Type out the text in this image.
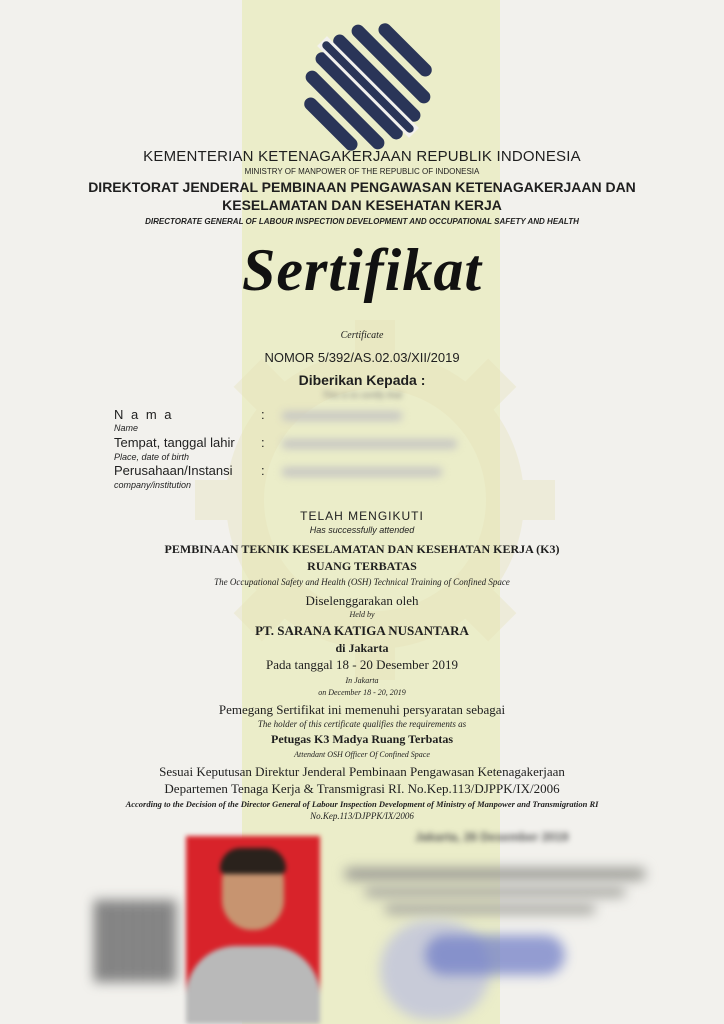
KEMENTERIAN KETENAGAKERJAAN REPUBLIK INDONESIA
MINISTRY OF MANPOWER OF THE REPUBLIC OF INDONESIA
DIREKTORAT JENDERAL PEMBINAAN PENGAWASAN KETENAGAKERJAAN DAN
KESELAMATAN DAN KESEHATAN KERJA
DIRECTORATE GENERAL OF LABOUR INSPECTION DEVELOPMENT AND OCCUPATIONAL SAFETY AND HEALTH
Sertifikat
Certificate
NOMOR 5/392/AS.02.03/XII/2019
Diberikan Kepada :
This is to certify that
N a m a
Name
:
Tempat, tanggal lahir
Place, date of birth
:
Perusahaan/Instansi
company/institution
:
TELAH MENGIKUTI
Has successfully attended
PEMBINAAN TEKNIK KESELAMATAN DAN KESEHATAN KERJA (K3)
RUANG TERBATAS
The Occupational Safety and Health (OSH) Technical Training of Confined Space
Diselenggarakan oleh
Held by
PT. SARANA KATIGA NUSANTARA
di Jakarta
Pada tanggal 18 - 20 Desember 2019
In Jakarta
on December 18 - 20, 2019
Pemegang Sertifikat ini memenuhi persyaratan sebagai
The holder of this certificate qualifies the requirements as
Petugas K3 Madya Ruang Terbatas
Attendant OSH Officer Of Confined Space
Sesuai Keputusan Direktur Jenderal Pembinaan Pengawasan Ketenagakerjaan
Departemen Tenaga Kerja & Transmigrasi RI. No.Kep.113/DJPPK/IX/2006
According to the Decision of the Director General of Labour Inspection Development of Ministry of Manpower and Transmigration RI
No.Kep.113/DJPPK/IX/2006
Jakarta, 26 Desember 2019
